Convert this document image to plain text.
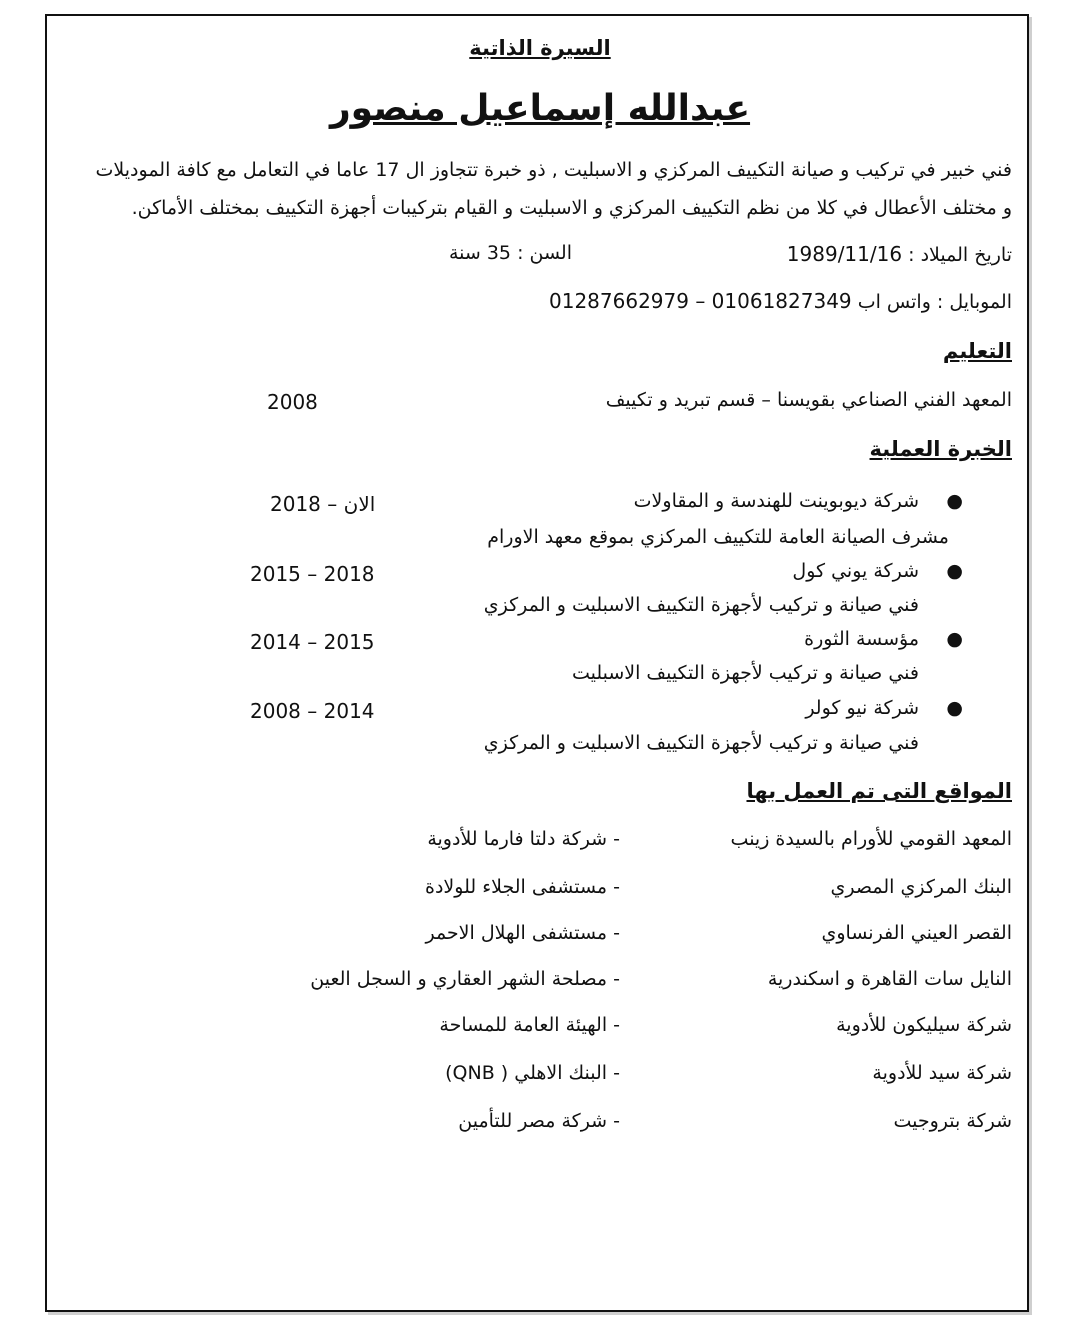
السيرة الذاتية
عبدالله إسماعيل منصور
فني خبير في تركيب و صيانة التكييف المركزي و الاسبليت , ذو خبرة تتجاوز ال 17 عاما في التعامل مع كافة الموديلات
و مختلف الأعطال في كلا من نظم التكييف المركزي و الاسبليت و القيام بتركيبات أجهزة التكييف بمختلف الأماكن.
تاريخ الميلاد : 1989/11/16
السن : 35 سنة
الموبايل : واتس اب 01287662979 – 01061827349
التعليم
المعهد الفني الصناعي بقويسنا – قسم تبريد و تكييف
2008
الخبرة العملية
●
شركة ديوبوينت للهندسة و المقاولات
2018 – الان
مشرف الصيانة العامة للتكييف المركزي بموقع معهد الاورام
●
شركة يوني كول
2015 – 2018
فني صيانة و تركيب لأجهزة التكييف الاسبليت و المركزي
●
مؤسسة الثورة
2014 – 2015
فني صيانة و تركيب لأجهزة التكييف الاسبليت
●
شركة نيو كولر
2008 – 2014
فني صيانة و تركيب لأجهزة التكييف الاسبليت و المركزي
المواقع التى تم العمل بها
المعهد القومي للأورام بالسيدة زينب
- شركة دلتا فارما للأدوية
البنك المركزي المصري
- مستشفى الجلاء للولادة
القصر العيني الفرنساوي
- مستشفى الهلال الاحمر
النايل سات القاهرة و اسكندرية
- مصلحة الشهر العقاري و السجل العين
شركة سيليكون للأدوية
- الهيئة العامة للمساحة
شركة سيد للأدوية
- البنك الاهلي ( QNB)
شركة بتروجيت
- شركة مصر للتأمين
